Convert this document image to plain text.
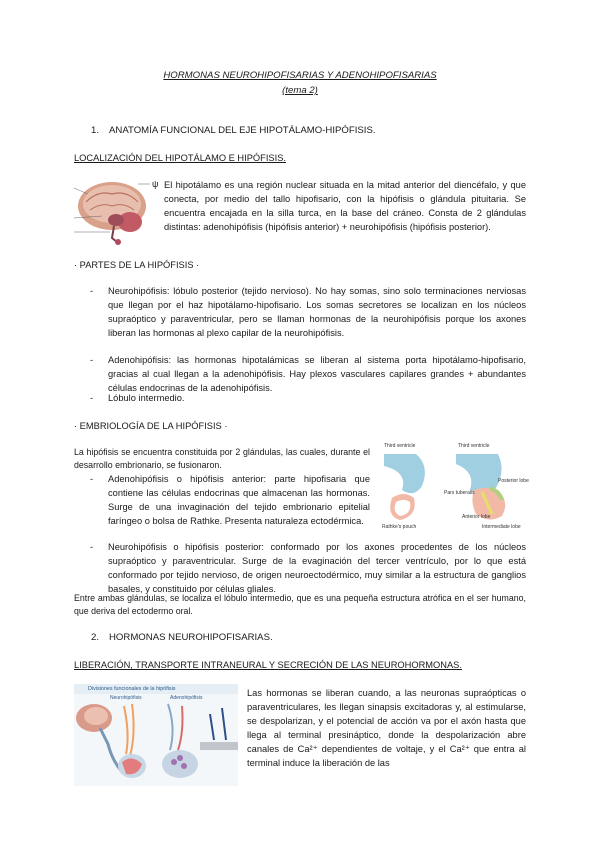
HORMONAS NEUROHIPOFISARIAS Y ADENOHIPOFISARIAS
(tema 2)
1. ANATOMÍA FUNCIONAL DEL EJE HIPOTÁLAMO-HIPÓFISIS.
LOCALIZACIÓN DEL HIPOTÁLAMO E HIPÓFISIS.
ψ El hipotálamo es una región nuclear situada en la mitad anterior del diencéfalo, y que conecta, por medio del tallo hipofisario, con la hipófisis o glándula pituitaria. Se encuentra encajada en la silla turca, en la base del cráneo. Consta de 2 glándulas distintas: adenohipófisis (hipófisis anterior) + neurohipófisis (hipófisis posterior).
· PARTES DE LA HIPÓFISIS ·
- Neurohipófisis: lóbulo posterior (tejido nervioso). No hay somas, sino solo terminaciones nerviosas que llegan por el haz hipotálamo-hipofisario. Los somas secretores se localizan en los núcleos supraóptico y paraventricular, pero se llaman hormonas de la neurohipófisis porque los axones liberan las hormonas al plexo capilar de la neurohipófisis.
- Adenohipófisis: las hormonas hipotalámicas se liberan al sistema porta hipotálamo-hipofisario, gracias al cual llegan a la adenohipófisis. Hay plexos vasculares capilares grandes + abundantes células endocrinas de la adenohipófisis.
- Lóbulo intermedio.
· EMBRIOLOGÍA DE LA HIPÓFISIS ·
La hipófisis se encuentra constituida por 2 glándulas, las cuales, durante el desarrollo embrionario, se fusionaron.
- Adenohipófisis o hipófisis anterior: parte hipofisaria que contiene las células endocrinas que almacenan las hormonas. Surge de una invaginación del tejido embrionario epitelial faríngeo o bolsa de Rathke. Presenta naturaleza ectodérmica.
- Neurohipófisis o hipófisis posterior: conformado por los axones procedentes de los núcleos supraóptico y paraventricular. Surge de la evaginación del tercer ventrículo, por lo que está conformado por tejido nervioso, de origen neuroectodérmico, muy similar a la estructura de ganglios basales, y constituido por células gliales.
Third ventricle	Third ventricle
Posterior lobe
Pars tuberalis
Anterior lobe
Rathke's pouch	Intermediate lobe
Entre ambas glándulas, se localiza el lóbulo intermedio, que es una pequeña estructura atrófica en el ser humano, que deriva del ectodermo oral.
2. HORMONAS NEUROHIPOFISARIAS.
LIBERACIÓN, TRANSPORTE INTRANEURAL Y SECRECIÓN DE LAS NEUROHORMONAS.
Divisiones funcionales de la hipófisis
Neurohipófisis	Adenohipófisis	Las hormonas se liberan cuando, a las neuronas supraópticas o paraventriculares, les llegan sinapsis excitadoras y, al estimularse, se despolarizan, y el potencial de acción va por el axón hasta que llega al terminal presináptico, donde la despolarización abre canales de Ca²⁺ dependientes de voltaje, y el Ca²⁺ que entra al terminal induce la liberación de las
